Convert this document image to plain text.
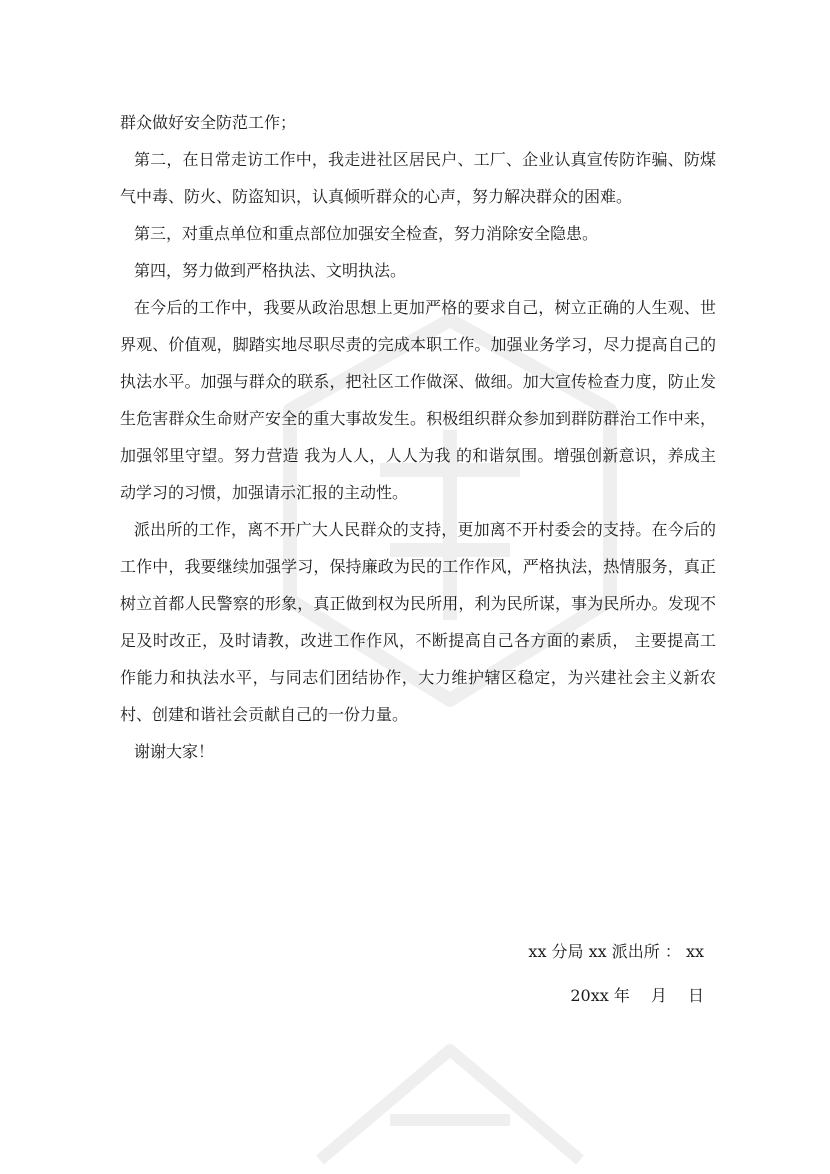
群众做好安全防范工作；

第二，在日常走访工作中，我走进社区居民户、工厂、企业认真宣传防诈骗、防煤气中毒、防火、防盗知识，认真倾听群众的心声，努力解决群众的困难。

第三，对重点单位和重点部位加强安全检查，努力消除安全隐患。

第四，努力做到严格执法、文明执法。

在今后的工作中，我要从政治思想上更加严格的要求自己，树立正确的人生观、世界观、价值观，脚踏实地尽职尽责的完成本职工作。加强业务学习，尽力提高自己的执法水平。加强与群众的联系，把社区工作做深、做细。加大宣传检查力度，防止发生危害群众生命财产安全的重大事故发生。积极组织群众参加到群防群治工作中来，加强邻里守望。努力营造 我为人人，人人为我 的和谐氛围。增强创新意识，养成主动学习的习惯，加强请示汇报的主动性。

派出所的工作，离不开广大人民群众的支持，更加离不开村委会的支持。在今后的工作中，我要继续加强学习，保持廉政为民的工作作风，严格执法，热情服务，真正树立首都人民警察的形象，真正做到权为民所用，利为民所谋，事为民所办。发现不足及时改正，及时请教，改进工作作风，不断提高自己各方面的素质， 主要提高工作能力和执法水平，与同志们团结协作，大力维护辖区稳定，为兴建社会主义新农村、创建和谐社会贡献自己的一份力量。

谢谢大家！

xx 分局 xx 派出所 ： xx
20xx 年　 月　 日
